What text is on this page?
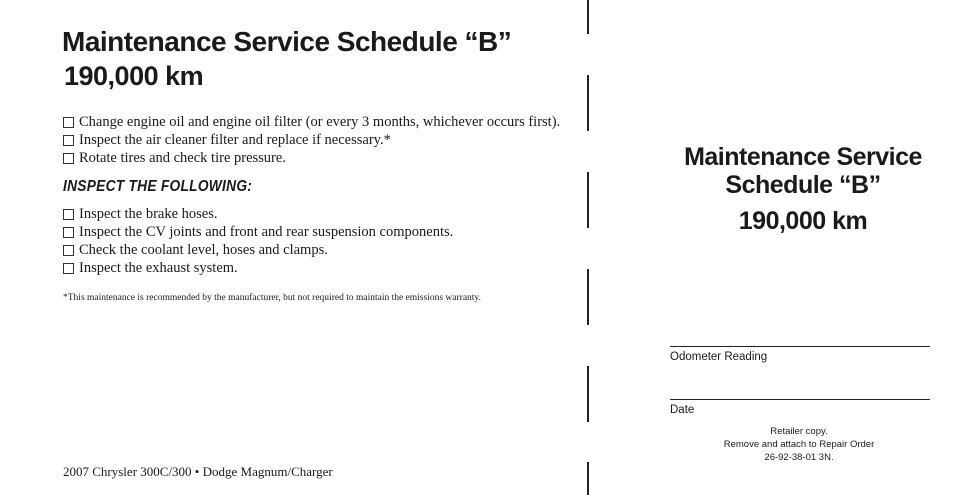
Maintenance Service Schedule “B”
190,000 km
Change engine oil and engine oil filter (or every 3 months, whichever occurs first).
Inspect the air cleaner filter and replace if necessary.*
Rotate tires and check tire pressure.
INSPECT THE FOLLOWING:
Inspect the brake hoses.
Inspect the CV joints and front and rear suspension components.
Check the coolant level, hoses and clamps.
Inspect the exhaust system.
*This maintenance is recommended by the manufacturer, but not required to maintain the emissions warranty.
2007 Chrysler 300C/300 • Dodge Magnum/Charger
Maintenance Service
Schedule “B”
190,000 km
Odometer Reading
Date
Retailer copy.
Remove and attach to Repair Order
26-92-38-01 3N.
